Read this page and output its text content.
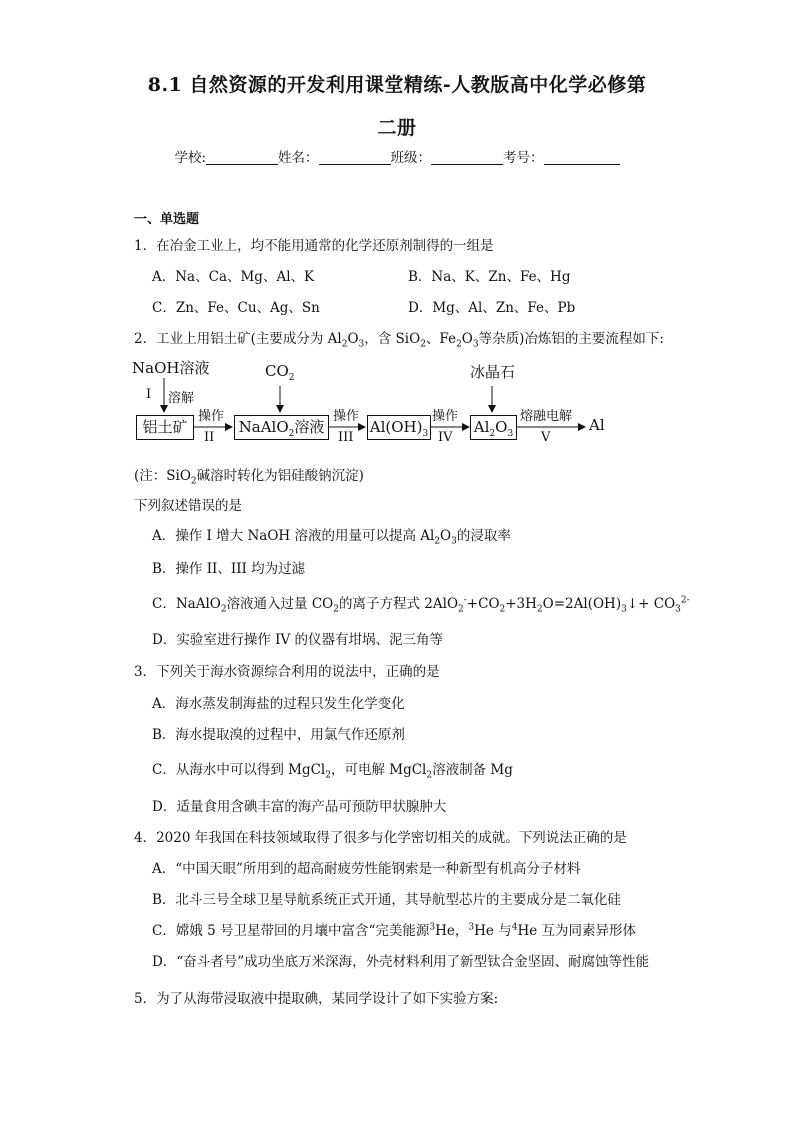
8.1 自然资源的开发利用课堂精练-人教版高中化学必修第
二册
学校:	姓名：	班级：	考号：
一、单选题
1．在冶金工业上，均不能用通常的化学还原剂制得的一组是
A．Na、Ca、Mg、Al、K	B．Na、K、Zn、Fe、Hg
C．Zn、Fe、Cu、Ag、Sn	D．Mg、Al、Zn、Fe、Pb
2．工业上用铝土矿(主要成分为 $Al_2O_3$，含 SiO$_2$、$Fe_2O_3$等杂质)冶炼铝的主要流程如下:
NaOH溶液
I 溶解
$CO_2$	冰晶石
铝土矿
操作
II
NaAlO$_2$溶液
操作
III
$Al(OH)_3$
操作
IV
$Al_2O_3$
熔融电解
V
Al
(注：SiO$_2$碱溶时转化为铝硅酸钠沉淀)
下列叙述错误的是
A．操作 I 增大 NaOH 溶液的用量可以提高 $Al_2O_3$的浸取率
B．操作 II、III 均为过滤
C．NaAlO$_2$溶液通入过量 $CO_2$的离子方程式 $2AlO_2^-+CO_2+3H_2O=2Al(OH)_3↓+ CO_3^{2-}$
D．实验室进行操作 IV 的仪器有坩埚、泥三角等
3．下列关于海水资源综合利用的说法中，正确的是
A．海水蒸发制海盐的过程只发生化学变化
B．海水提取溴的过程中，用氯气作还原剂
C．从海水中可以得到 MgCl$_2$，可电解 MgCl$_2$溶液制备 Mg
D．适量食用含碘丰富的海产品可预防甲状腺肿大
4．2020 年我国在科技领域取得了很多与化学密切相关的成就。下列说法正确的是
A．“中国天眼”所用到的超高耐疲劳性能钢索是一种新型有机高分子材料
B．北斗三号全球卫星导航系统正式开通，其导航型芯片的主要成分是二氧化硅
C．嫦娥 5 号卫星带回的月壤中富含“完美能源$^3$He，$^3$He 与$^4$He 互为同素异形体
D．“奋斗者号”成功坐底万米深海，外壳材料利用了新型钛合金坚固、耐腐蚀等性能
5．为了从海带浸取液中提取碘，某同学设计了如下实验方案:
